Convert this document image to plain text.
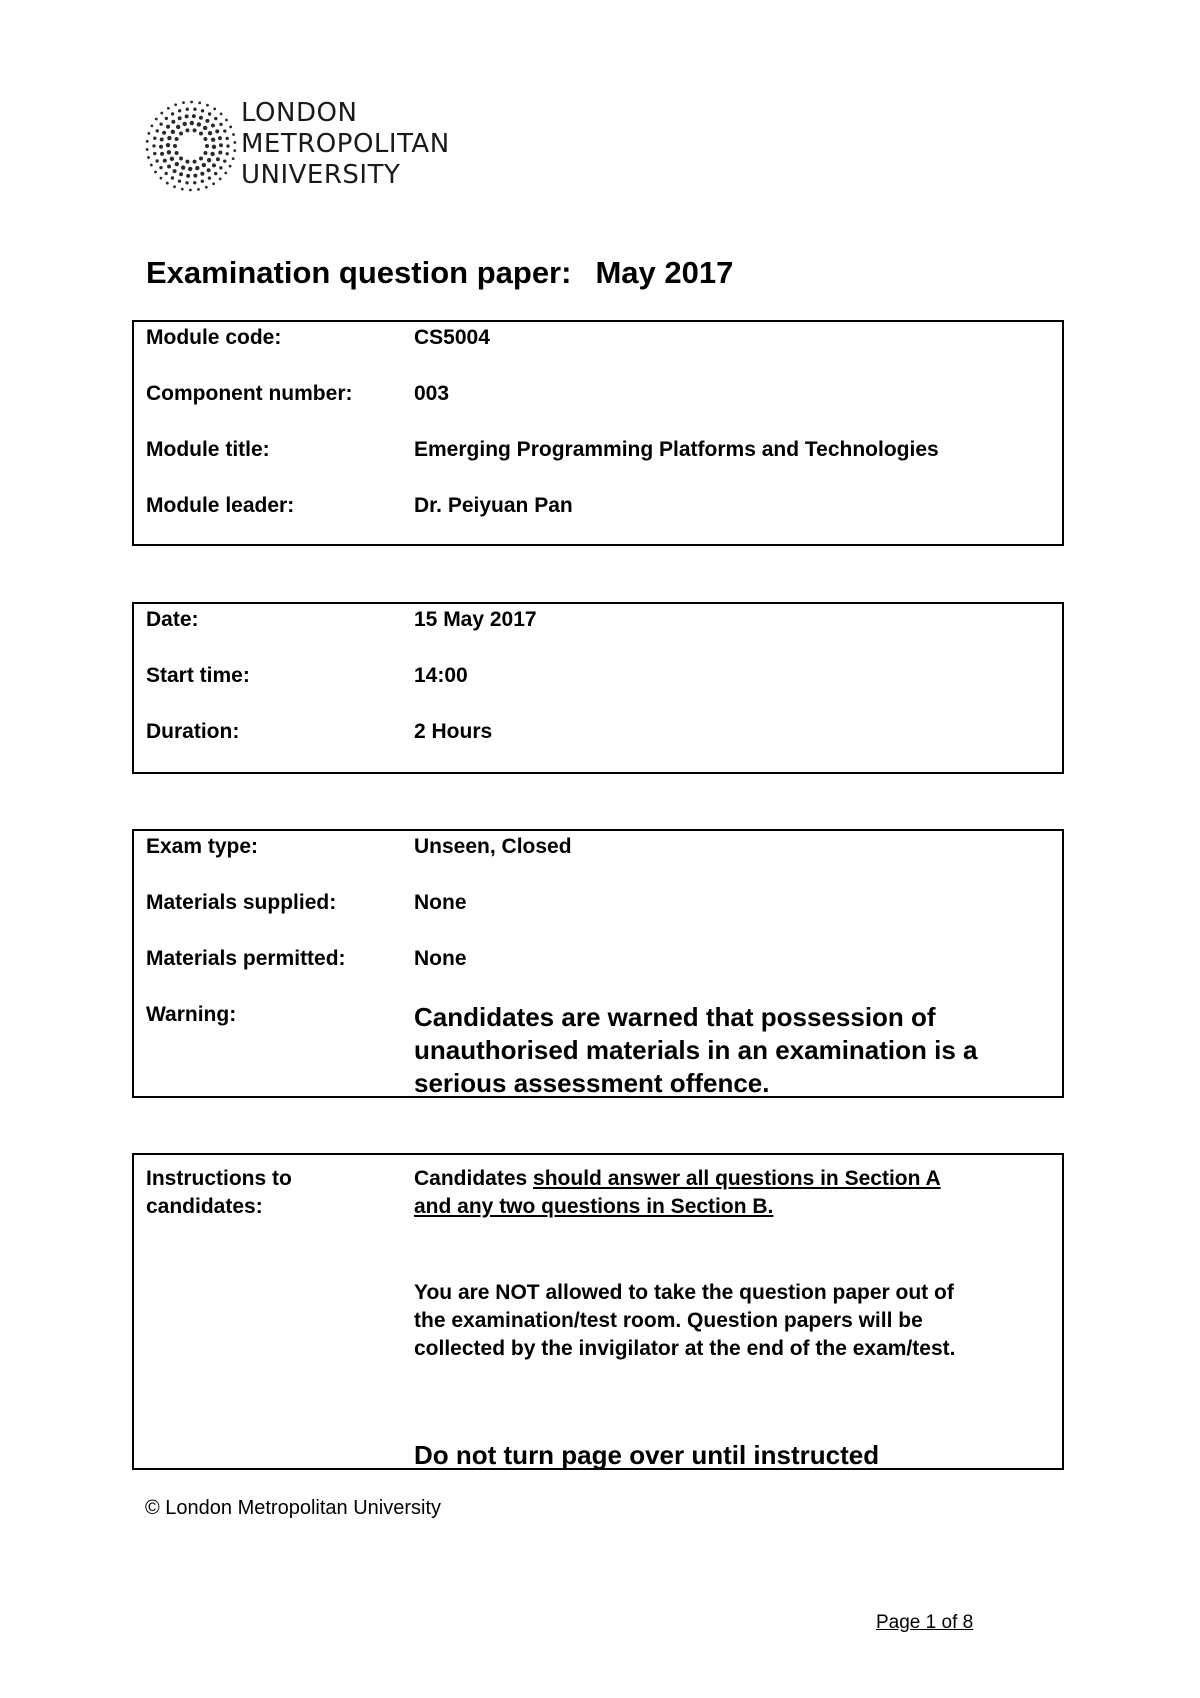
LONDON
METROPOLITAN
UNIVERSITY
Examination question paper: May 2017
Module code:	CS5004
Component number:	003
Module title:	Emerging Programming Platforms and Technologies
Module leader:	Dr. Peiyuan Pan
Date:	15 May 2017
Start time:	14:00
Duration:	2 Hours
Exam type:	Unseen, Closed
Materials supplied:	None
Materials permitted:	None
Warning:	Candidates are warned that possession of
unauthorised materials in an examination is a
serious assessment offence.
Instructions to
candidates:
Candidates should answer all questions in Section A
and any two questions in Section B.
You are NOT allowed to take the question paper out of
the examination/test room. Question papers will be
collected by the invigilator at the end of the exam/test.
Do not turn page over until instructed
© London Metropolitan University
Page 1 of 8
